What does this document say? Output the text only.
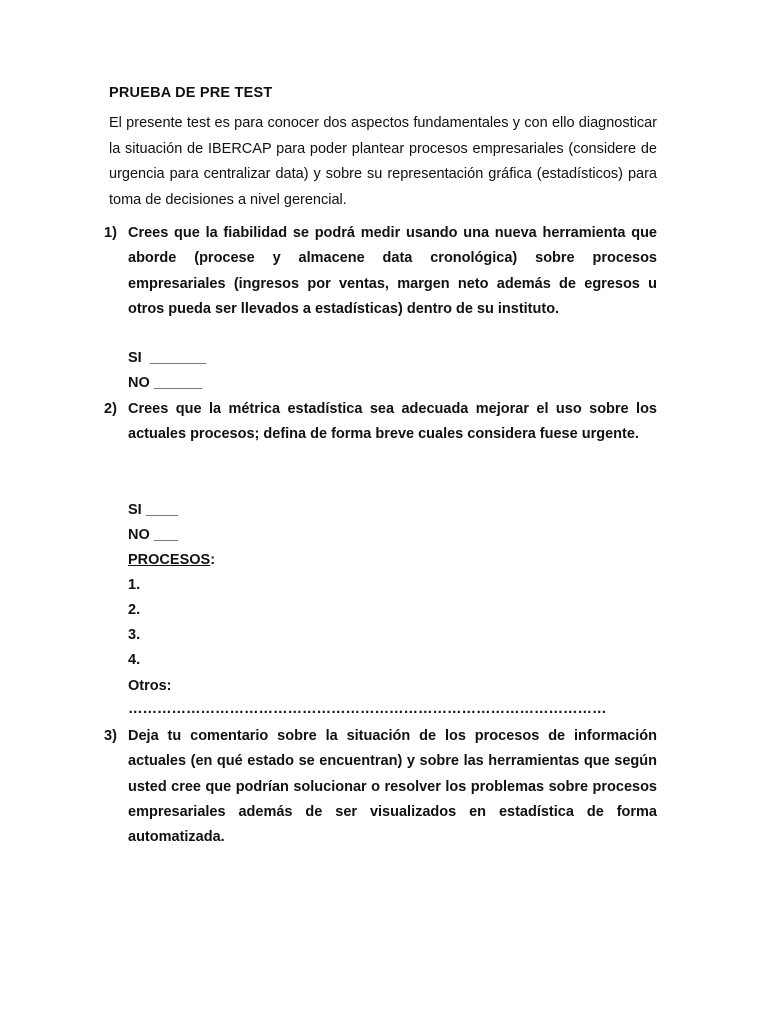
PRUEBA DE PRE TEST
El presente test es para conocer dos aspectos fundamentales y con ello diagnosticar la situación de IBERCAP para poder plantear procesos empresariales (considere de urgencia para centralizar data) y sobre su representación gráfica (estadísticos) para toma de decisiones a nivel gerencial.
1) Crees que la fiabilidad se podrá medir usando una nueva herramienta que aborde (procese y almacene data cronológica) sobre procesos empresariales (ingresos por ventas, margen neto además de egresos u otros pueda ser llevados a estadísticas) dentro de su instituto.
SI  _______
NO ______
2) Crees que la métrica estadística sea adecuada mejorar el uso sobre los actuales procesos; defina de forma breve cuales considera fuese urgente.
SI ____
NO ___
PROCESOS:
1.
2.
3.
4.
Otros:
………………………………………………………………………………………
3) Deja tu comentario sobre la situación de los procesos de información actuales (en qué estado se encuentran) y sobre las herramientas que según usted cree que podrían solucionar o resolver los problemas sobre procesos empresariales además de ser visualizados en estadística de forma automatizada.
